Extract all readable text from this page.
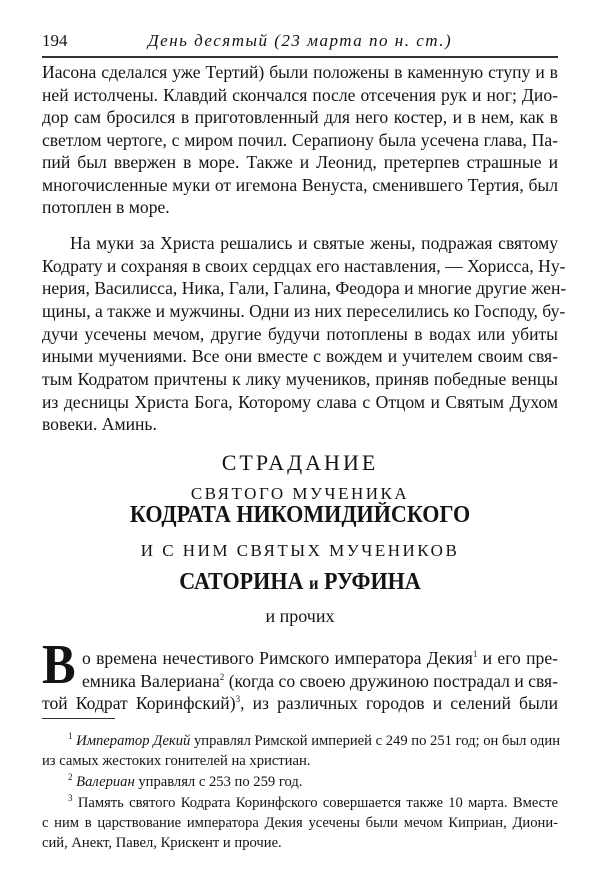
194	День десятый (23 марта по н. ст.)
Иасона сделался уже Тертий) были положены в каменную ступу и в
ней истолчены. Клавдий скончался после отсечения рук и ног; Дио-
дор сам бросился в приготовленный для него костер, и в нем, как в
светлом чертоге, с миром почил. Серапиону была усечена глава, Па-
пий был ввержен в море. Также и Леонид, претерпев страшные и
многочисленные муки от игемона Венуста, сменившего Тертия, был
потоплен в море.
На муки за Христа решались и святые жены, подражая святому
Кодрату и сохраняя в своих сердцах его наставления, — Хорисса, Ну-
нерия, Василисса, Ника, Гали, Галина, Феодора и многие другие жен-
щины, а также и мужчины. Одни из них переселились ко Господу, бу-
дучи усечены мечом, другие будучи потоплены в водах или убиты
иными мучениями. Все они вместе с вождем и учителем своим свя-
тым Кодратом причтены к лику мучеников, приняв победные венцы
из десницы Христа Бога, Которому слава с Отцом и Святым Духом
вовеки. Аминь.
СТРАДАНИЕ
СВЯТОГО МУЧЕНИКА
КОДРАТА НИКОМИДИЙСКОГО
И С НИМ СВЯТЫХ МУЧЕНИКОВ
САТОРИНА и РУФИНА
и прочих
В о времена нечестивого Римского императора Декия$^1$ и его пре-
емника Валериана$^2$ (когда со своею дружиною пострадал и свя-
той Кодрат Коринфский)$^3$, из различных городов и селений были
$^1$ Император Декий управлял Римской империей с 249 по 251 год; он был один
из самых жестоких гонителей на христиан.
$^2$ Валериан управлял с 253 по 259 год.
$^3$ Память святого Кодрата Коринфского совершается также 10 марта. Вместе
с ним в царствование императора Декия усечены были мечом Киприан, Диони-
сий, Анект, Павел, Крискент и прочие.
